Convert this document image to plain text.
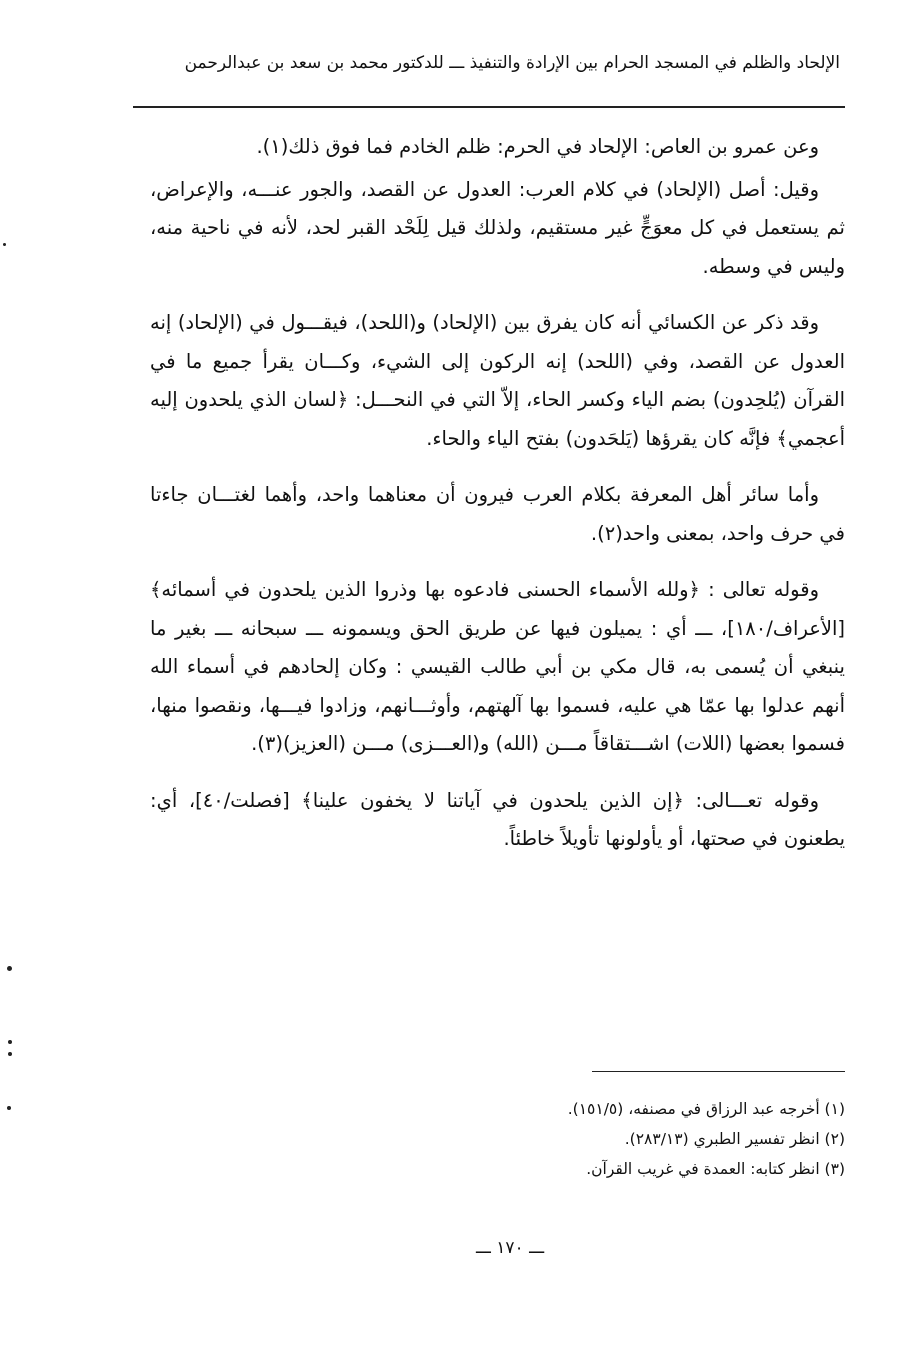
الإلحاد والظلم في المسجد الحرام بين الإرادة والتنفيذ ـــ للدكتور محمد بن سعد بن عبدالرحمن

وعن عمرو بن العاص: الإلحاد في الحرم: ظلم الخادم فما فوق ذلك(١).

وقيل: أصل (الإلحاد) في كلام العرب: العدول عن القصد، والجور عنـــه، والإعراض، ثم يستعمل في كل معوَجٍّ غير مستقيم، ولذلك قيل لِلَحْد القبر لحد، لأنه في ناحية منه، وليس في وسطه.

وقد ذكر عن الكسائي أنه كان يفرق بين (الإلحاد) و(اللحد)، فيقـــول في (الإلحاد) إنه العدول عن القصد، وفي (اللحد) إنه الركون إلى الشيء، وكـــان يقرأ جميع ما في القرآن (يُلحِدون) بضم الياء وكسر الحاء، إلاّ التي في النحـــل: ﴿لسان الذي يلحدون إليه أعجمي﴾ فإنَّه كان يقرؤها (يَلحَدون) بفتح الياء والحاء.

وأما سائر أهل المعرفة بكلام العرب فيرون أن معناهما واحد، وأهما لغتـــان جاءتا في حرف واحد، بمعنى واحد(٢).

وقوله تعالى : ﴿ولله الأسماء الحسنى فادعوه بها وذروا الذين يلحدون في أسمائه﴾ [الأعراف/١٨٠]، ـــ أي : يميلون فيها عن طريق الحق ويسمونه ـــ سبحانه ـــ بغير ما ينبغي أن يُسمى به، قال مكي بن أبي طالب القيسي : وكان إلحادهم في أسماء الله أنهم عدلوا بها عمّا هي عليه، فسموا بها آلهتهم، وأوثـــانهم، وزادوا فيـــها، ونقصوا منها، فسموا بعضها (اللات) اشـــتقاقاً مـــن (الله) و(العـــزى) مـــن (العزيز)(٣).

وقوله تعـــالى: ﴿إن الذين يلحدون في آياتنا لا يخفون علينا﴾ [فصلت/٤٠]، أي: يطعنون في صحتها، أو يأولونها تأويلاً خاطئاً.

(١) أخرجه عبد الرزاق في مصنفه، (١٥١/٥).
(٢) انظر تفسير الطبري (٢٨٣/١٣).
(٣) انظر كتابه: العمدة في غريب القرآن.
ـــ ١٧٠ ـــ
